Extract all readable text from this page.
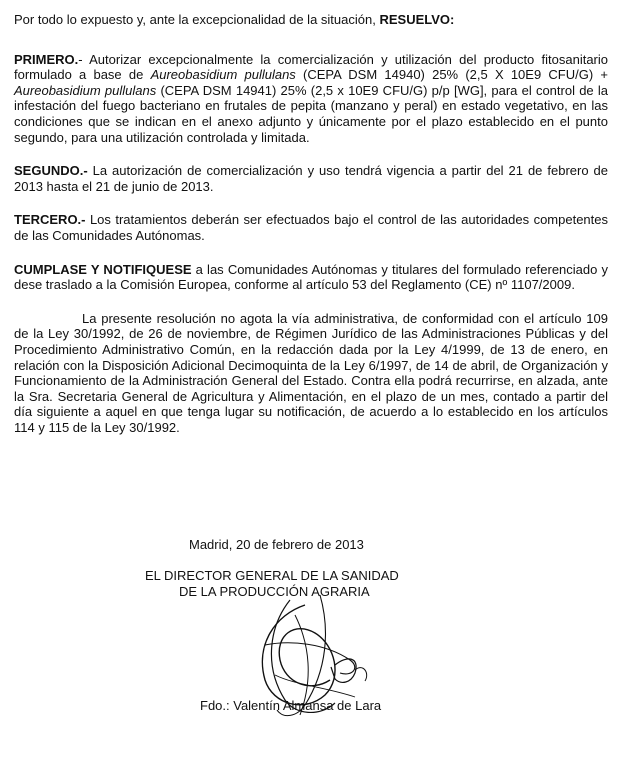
Por todo lo expuesto y, ante la excepcionalidad de la situación, RESUELVO:

PRIMERO.- Autorizar excepcionalmente la comercialización y utilización del producto fitosanitario formulado a base de Aureobasidium pullulans (CEPA DSM 14940) 25% (2,5 X 10E9 CFU/G) + Aureobasidium pullulans (CEPA DSM 14941) 25% (2,5 x 10E9 CFU/G) p/p [WG], para el control de la infestación del fuego bacteriano en frutales de pepita (manzano y peral) en estado vegetativo, en las condiciones que se indican en el anexo adjunto y únicamente por el plazo establecido en el punto segundo, para una utilización controlada y limitada.

SEGUNDO.- La autorización de comercialización y uso tendrá vigencia a partir del 21 de febrero de 2013 hasta el 21 de junio de 2013.

TERCERO.- Los tratamientos deberán ser efectuados bajo el control de las autoridades competentes de las Comunidades Autónomas.

CUMPLASE Y NOTIFIQUESE a las Comunidades Autónomas y titulares del formulado referenciado y dese traslado a la Comisión Europea, conforme al artículo 53 del Reglamento (CE) nº 1107/2009.

La presente resolución no agota la vía administrativa, de conformidad con el artículo 109 de la Ley 30/1992, de 26 de noviembre, de Régimen Jurídico de las Administraciones Públicas y del Procedimiento Administrativo Común, en la redacción dada por la Ley 4/1999, de 13 de enero, en relación con la Disposición Adicional Decimoquinta de la Ley 6/1997, de 14 de abril, de Organización y Funcionamiento de la Administración General del Estado. Contra ella podrá recurrirse, en alzada, ante la Sra. Secretaria General de Agricultura y Alimentación, en el plazo de un mes, contado a partir del día siguiente a aquel en que tenga lugar su notificación, de acuerdo a lo establecido en los artículos 114 y 115 de la Ley 30/1992.

Madrid, 20 de febrero de 2013
EL DIRECTOR GENERAL DE LA SANIDAD
DE LA PRODUCCIÓN AGRARIA
Fdo.: Valentín Almansa de Lara
